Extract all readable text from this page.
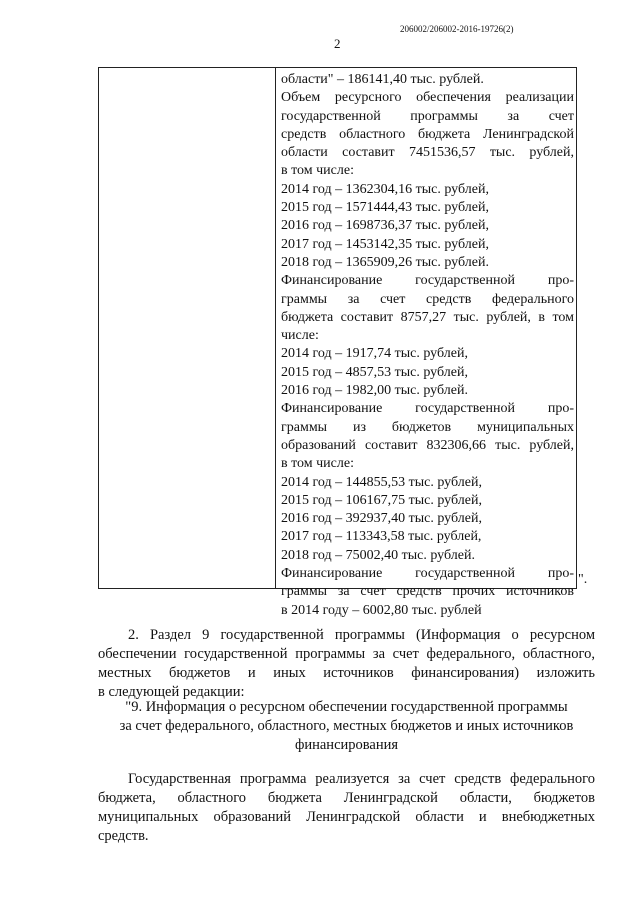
206002/206002-2016-19726(2)
2
области" – 186141,40 тыс. рублей.
Объем ресурсного обеспечения реализации
государственной программы за счет
средств областного бюджета Ленинградской
области составит 7451536,57 тыс. рублей,
в том числе:
2014 год – 1362304,16 тыс. рублей,
2015 год – 1571444,43 тыс. рублей,
2016 год – 1698736,37 тыс. рублей,
2017 год – 1453142,35 тыс. рублей,
2018 год – 1365909,26 тыс. рублей.
Финансирование государственной про-
граммы за счет средств федерального
бюджета составит 8757,27 тыс. рублей, в том
числе:
2014 год – 1917,74 тыс. рублей,
2015 год – 4857,53 тыс. рублей,
2016 год – 1982,00 тыс. рублей.
Финансирование государственной про-
граммы из бюджетов муниципальных
образований составит 832306,66 тыс. рублей,
в том числе:
2014 год – 144855,53 тыс. рублей,
2015 год – 106167,75 тыс. рублей,
2016 год – 392937,40 тыс. рублей,
2017 год – 113343,58 тыс. рублей,
2018 год – 75002,40 тыс. рублей.
Финансирование государственной про-
граммы за счет средств прочих источников
в 2014 году – 6002,80 тыс. рублей
".
2. Раздел 9 государственной программы (Информация о ресурсном
обеспечении государственной программы за счет федерального, областного,
местных бюджетов и иных источников финансирования) изложить
в следующей редакции:
"9. Информация о ресурсном обеспечении государственной программы
за счет федерального, областного, местных бюджетов и иных источников
финансирования
Государственная программа реализуется за счет средств федерального
бюджета, областного бюджета Ленинградской области, бюджетов
муниципальных образований Ленинградской области и внебюджетных
средств.
